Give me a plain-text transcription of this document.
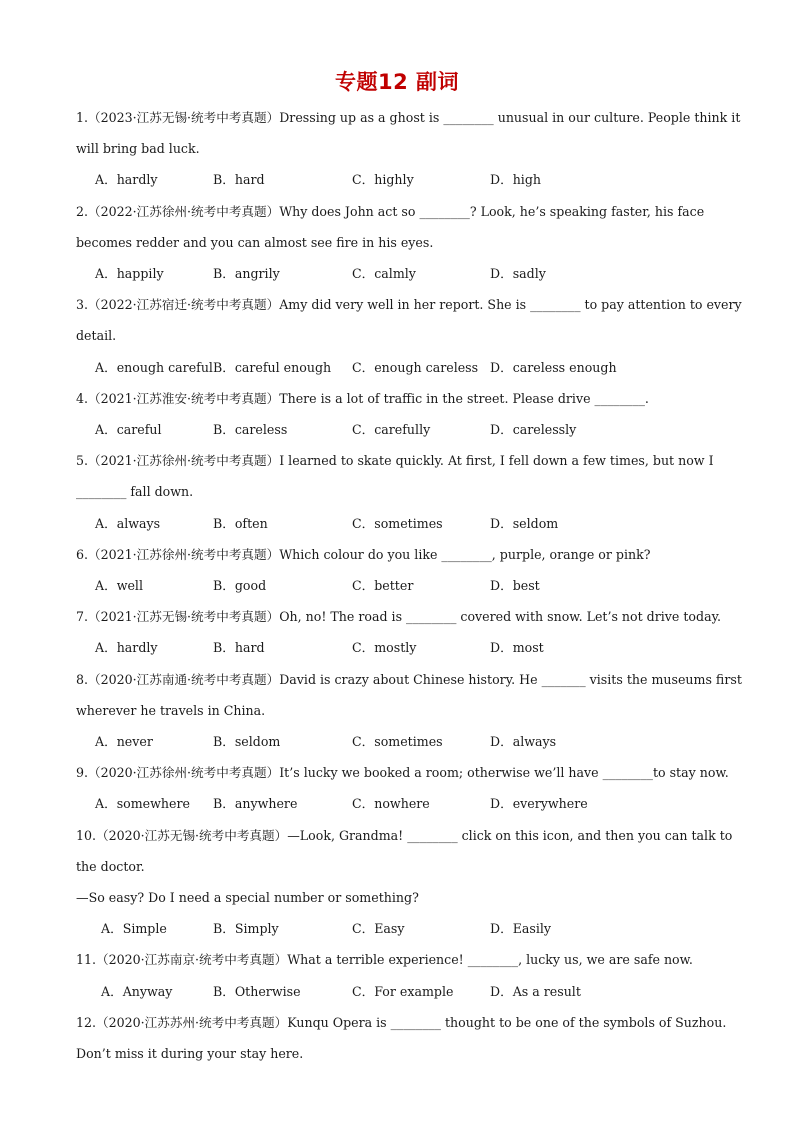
专题12 副词
1.（2023·江苏无锡·统考中考真题）Dressing up as a ghost is ________ unusual in our culture. People think it
will bring bad luck.
A．hardly	B．hard	C．highly	D．high
2.（2022·江苏徐州·统考中考真题）Why does John act so ________? Look, he’s speaking faster, his face
becomes redder and you can almost see fire in his eyes.
A．happily	B．angrily	C．calmly	D．sadly
3.（2022·江苏宿迁·统考中考真题）Amy did very well in her report. She is ________ to pay attention to every
detail.
A．enough careful B．careful enough C．enough careless D．careless enough
4.（2021·江苏淮安·统考中考真题）There is a lot of traffic in the street. Please drive ________.
A．careful	B．careless	C．carefully	D．carelessly
5.（2021·江苏徐州·统考中考真题）I learned to skate quickly. At first, I fell down a few times, but now I
________ fall down.
A．always	B．often	C．sometimes	D．seldom
6.（2021·江苏徐州·统考中考真题）Which colour do you like ________, purple, orange or pink?
A．well	B．good	C．better	D．best
7.（2021·江苏无锡·统考中考真题）Oh, no! The road is ________ covered with snow. Let’s not drive today.
A．hardly	B．hard	C．mostly	D．most
8.（2020·江苏南通·统考中考真题）David is crazy about Chinese history. He _______ visits the museums first
wherever he travels in China.
A．never	B．seldom	C．sometimes	D．always
9.（2020·江苏徐州·统考中考真题）It’s lucky we booked a room; otherwise we’ll have ________to stay now.
A．somewhere B．anywhere	C．nowhere	D．everywhere
10.（2020·江苏无锡·统考中考真题）—Look, Grandma! ________ click on this icon, and then you can talk to
the doctor.
—So easy? Do I need a special number or something?
A．Simple	B．Simply	C．Easy	D．Easily
11.（2020·江苏南京·统考中考真题）What a terrible experience! ________, lucky us, we are safe now.
A．Anyway	B．Otherwise	C．For example	D．As a result
12.（2020·江苏苏州·统考中考真题）Kunqu Opera is ________ thought to be one of the symbols of Suzhou.
Don’t miss it during your stay here.
